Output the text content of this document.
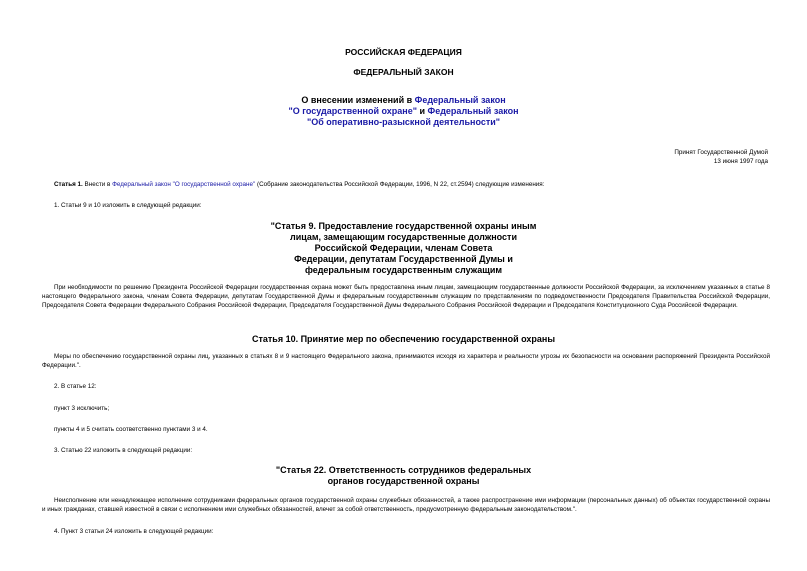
РОССИЙСКАЯ ФЕДЕРАЦИЯ
ФЕДЕРАЛЬНЫЙ ЗАКОН
О внесении изменений в Федеральный закон
"О государственной охране" и Федеральный закон
"Об оперативно-разыскной деятельности"
Принят Государственной Думой
13 июня 1997 года
Статья 1. Внести в Федеральный закон "О государственной охране" (Собрание законодательства Российской Федерации, 1996, N 22, ст.2594) следующие изменения:
1. Статьи 9 и 10 изложить в следующей редакции:
"Статья 9. Предоставление государственной охраны иным
лицам, замещающим государственные должности
Российской Федерации, членам Совета
Федерации, депутатам Государственной Думы и
федеральным государственным служащим
При необходимости по решению Президента Российской Федерации государственная охрана может быть предоставлена иным лицам, замещающим государственные должности Российской Федерации, за исключением указанных в статье 8 настоящего Федерального закона, членам Совета Федерации, депутатам Государственной Думы и федеральным государственным служащим по представлениям по подведомственности Председателя Правительства Российской Федерации, Председателя Совета Федерации Федерального Собрания Российской Федерации, Председателя Государственной Думы Федерального Собрания Российской Федерации и Председателя Конституционного Суда Российской Федерации.
Статья 10. Принятие мер по обеспечению государственной охраны
Меры по обеспечению государственной охраны лиц, указанных в статьях 8 и 9 настоящего Федерального закона, принимаются исходя из характера и реальности угрозы их безопасности на основании распоряжений Президента Российской Федерации.".
2. В статье 12:
пункт 3 исключить;
пункты 4 и 5 считать соответственно пунктами 3 и 4.
3. Статью 22 изложить в следующей редакции:
"Статья 22. Ответственность сотрудников федеральных
органов государственной охраны
Неисполнение или ненадлежащее исполнение сотрудниками федеральных органов государственной охраны служебных обязанностей, а также распространение ими информации (персональных данных) об объектах государственной охраны и иных гражданах, ставшей известной в связи с исполнением ими служебных обязанностей, влечет за собой ответственность, предусмотренную федеральным законодательством.".
4. Пункт 3 статьи 24 изложить в следующей редакции:
